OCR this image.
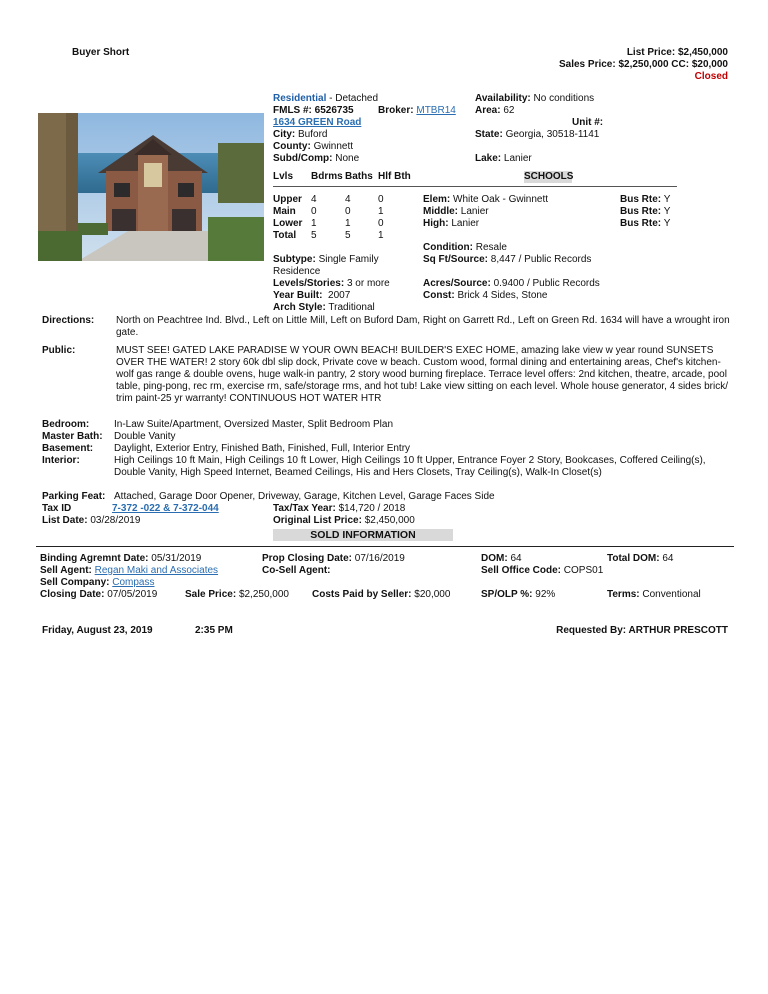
Buyer Short	List Price: $2,450,000
Sales Price: $2,250,000 CC: $20,000
Closed
Residential - Detached
FMLS #: 6526735 Broker: MTBR14
1634 GREEN Road
City: Buford
County: Gwinnett
Subd/Comp: None
Availability: No conditions
Area: 62
Unit #:
State: Georgia, 30518-1141
Lake: Lanier
Lvls Bdrms Baths Hlf Bth	SCHOOLS
Upper 4	4	0
Main 0	0	1
Lower 1	1	0
Total 5	5	1
Elem: White Oak - Gwinnett	Bus Rte: Y
Middle: Lanier	Bus Rte: Y
High: Lanier	Bus Rte: Y
Condition: Resale
Subtype: Single Family Residence
Sq Ft/Source: 8,447 / Public Records
Levels/Stories: 3 or more	Acres/Source: 0.9400 / Public Records
Year Built: 2007	Const: Brick 4 Sides, Stone
Arch Style: Traditional
Directions: North on Peachtree Ind. Blvd., Left on Little Mill, Left on Buford Dam, Right on Garrett Rd., Left on Green Rd. 1634 will have a wrought iron gate.
Public:	MUST SEE! GATED LAKE PARADISE W YOUR OWN BEACH! BUILDER'S EXEC HOME, amazing lake view w year round SUNSETS OVER THE WATER! 2 story 60k dbl slip dock, Private cove w beach. Custom wood, formal dining and entertaining areas, Chef's kitchen-wolf gas range & double ovens, huge walk-in pantry, 2 story wood burning fireplace. Terrace level offers: 2nd kitchen, theatre, arcade, pool table, ping-pong, rec rm, exercise rm, safe/storage rms, and hot tub! Lake view sitting on each level. Whole house generator, 4 sides brick/ trim paint-25 yr warranty! CONTINUOUS HOT WATER HTR
Bedroom: In-Law Suite/Apartment, Oversized Master, Split Bedroom Plan
Master Bath: Double Vanity
Basement: Daylight, Exterior Entry, Finished Bath, Finished, Full, Interior Entry
Interior:	High Ceilings 10 ft Main, High Ceilings 10 ft Lower, High Ceilings 10 ft Upper, Entrance Foyer 2 Story, Bookcases, Coffered Ceiling(s), Double Vanity, High Speed Internet, Beamed Ceilings, His and Hers Closets, Tray Ceiling(s), Walk-In Closet(s)
Parking Feat: Attached, Garage Door Opener, Driveway, Garage, Kitchen Level, Garage Faces Side
Tax ID	7-372 -022 & 7-372-044	Tax/Tax Year: $14,720 / 2018
List Date: 03/28/2019	Original List Price: $2,450,000
SOLD INFORMATION
Binding Agremnt Date: 05/31/2019	Prop Closing Date: 07/16/2019	DOM: 64	Total DOM: 64
Sell Agent: Regan Maki and Associates	Co-Sell Agent:	Sell Office Code: COPS01
Sell Company: Compass
Closing Date: 07/05/2019	Sale Price: $2,250,000 Costs Paid by Seller: $20,000	SP/OLP %: 92%	Terms: Conventional
Friday, August 23, 2019	2:35 PM	Requested By: ARTHUR PRESCOTT
